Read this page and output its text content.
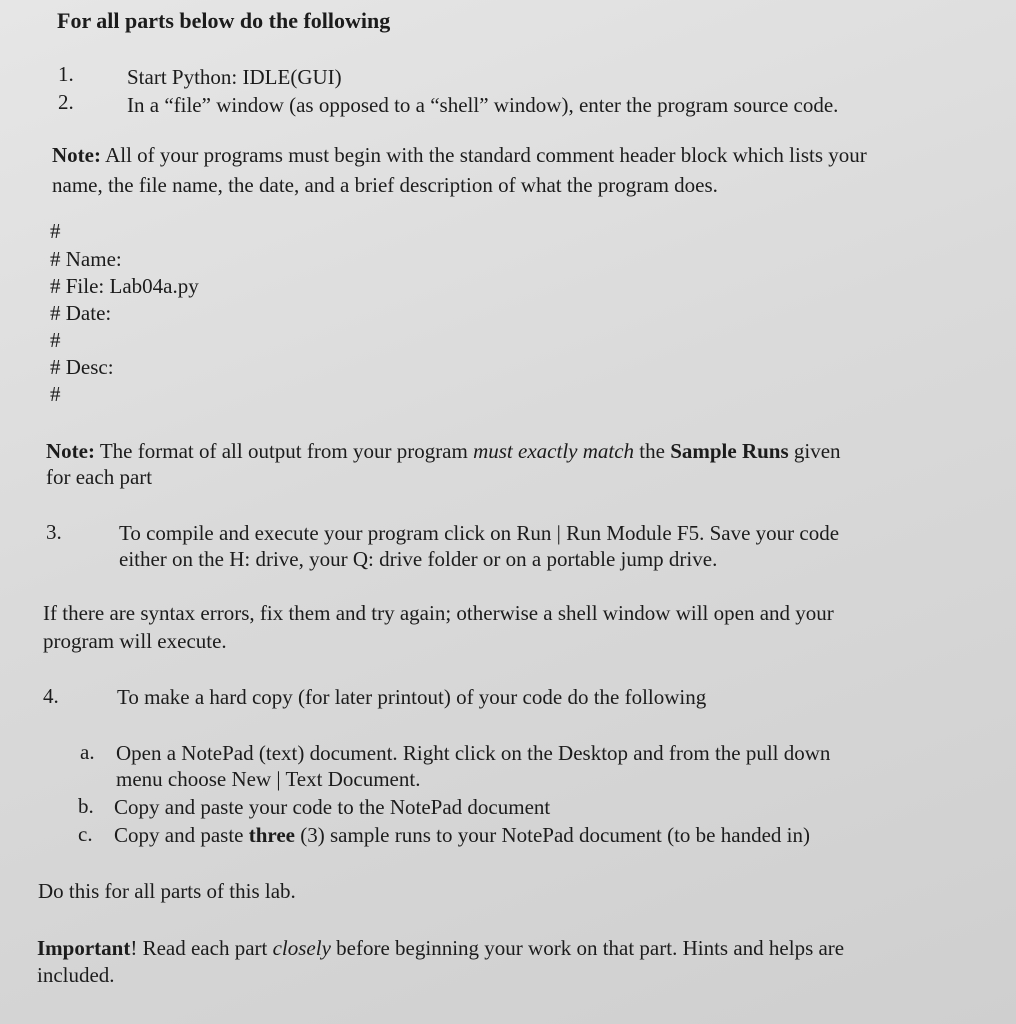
For all parts below do the following
1.	Start Python: IDLE(GUI)
2.	In a “file” window (as opposed to a “shell” window), enter the program source code.
Note: All of your programs must begin with the standard comment header block which lists your
name, the file name, the date, and a brief description of what the program does.
#
# Name:
# File: Lab04a.py
# Date:
#
# Desc:
#
Note: The format of all output from your program must exactly match the Sample Runs given
for each part
3.	To compile and execute your program click on Run | Run Module F5. Save your code
either on the H: drive, your Q: drive folder or on a portable jump drive.
If there are syntax errors, fix them and try again; otherwise a shell window will open and your
program will execute.
4.	To make a hard copy (for later printout) of your code do the following
a. Open a NotePad (text) document. Right click on the Desktop and from the pull down
menu choose New | Text Document.
b. Copy and paste your code to the NotePad document
c. Copy and paste three (3) sample runs to your NotePad document (to be handed in)
Do this for all parts of this lab.
Important! Read each part closely before beginning your work on that part. Hints and helps are
included.
